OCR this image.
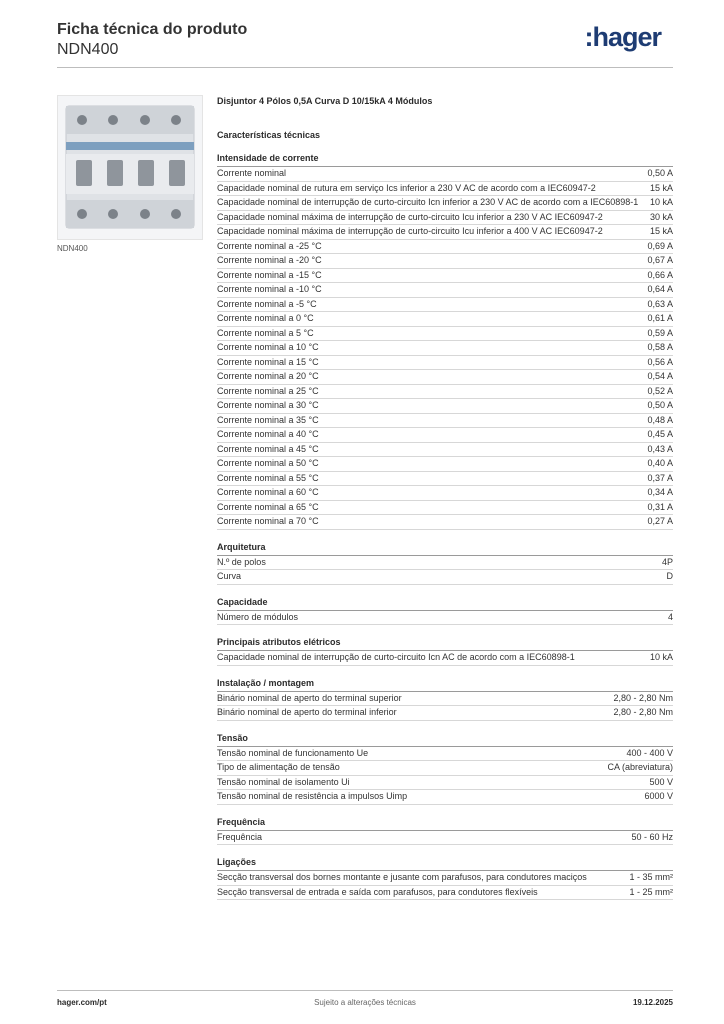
Ficha técnica do produto
NDN400	:hager
NDN400
Disjuntor 4 Pólos 0,5A Curva D 10/15kA 4 Módulos
Características técnicas
Intensidade de corrente
Corrente nominal	0,50 A
Capacidade nominal de rutura em serviço Ics inferior a 230 V AC de acordo com a IEC60947-2	15 kA
Capacidade nominal de interrupção de curto-circuito Icn inferior a 230 V AC de acordo com a IEC60898-1	10 kA
Capacidade nominal máxima de interrupção de curto-circuito Icu inferior a 230 V AC IEC60947-2	30 kA
Capacidade nominal máxima de interrupção de curto-circuito Icu inferior a 400 V AC IEC60947-2	15 kA
Corrente nominal a -25 °C	0,69 A
Corrente nominal a -20 °C	0,67 A
Corrente nominal a -15 °C	0,66 A
Corrente nominal a -10 °C	0,64 A
Corrente nominal a -5 °C	0,63 A
Corrente nominal a 0 °C	0,61 A
Corrente nominal a 5 °C	0,59 A
Corrente nominal a 10 °C	0,58 A
Corrente nominal a 15 °C	0,56 A
Corrente nominal a 20 °C	0,54 A
Corrente nominal a 25 °C	0,52 A
Corrente nominal a 30 °C	0,50 A
Corrente nominal a 35 °C	0,48 A
Corrente nominal a 40 °C	0,45 A
Corrente nominal a 45 °C	0,43 A
Corrente nominal a 50 °C	0,40 A
Corrente nominal a 55 °C	0,37 A
Corrente nominal a 60 °C	0,34 A
Corrente nominal a 65 °C	0,31 A
Corrente nominal a 70 °C	0,27 A
Arquitetura
N.º de polos	4P
Curva	D
Capacidade
Número de módulos	4
Principais atributos elétricos
Capacidade nominal de interrupção de curto-circuito Icn AC de acordo com a IEC60898-1	10 kA
Instalação / montagem
Binário nominal de aperto do terminal superior	2,80 - 2,80 Nm
Binário nominal de aperto do terminal inferior	2,80 - 2,80 Nm
Tensão
Tensão nominal de funcionamento Ue	400 - 400 V
Tipo de alimentação de tensão	CA (abreviatura)
Tensão nominal de isolamento Ui	500 V
Tensão nominal de resistência a impulsos Uimp	6000 V
Frequência
Frequência	50 - 60 Hz
Ligações
Secção transversal dos bornes montante e jusante com parafusos, para condutores maciços	1 - 35 mm²
Secção transversal de entrada e saída com parafusos, para condutores flexíveis	1 - 25 mm²
hager.com/pt	Sujeito a alterações técnicas	19.12.2025
